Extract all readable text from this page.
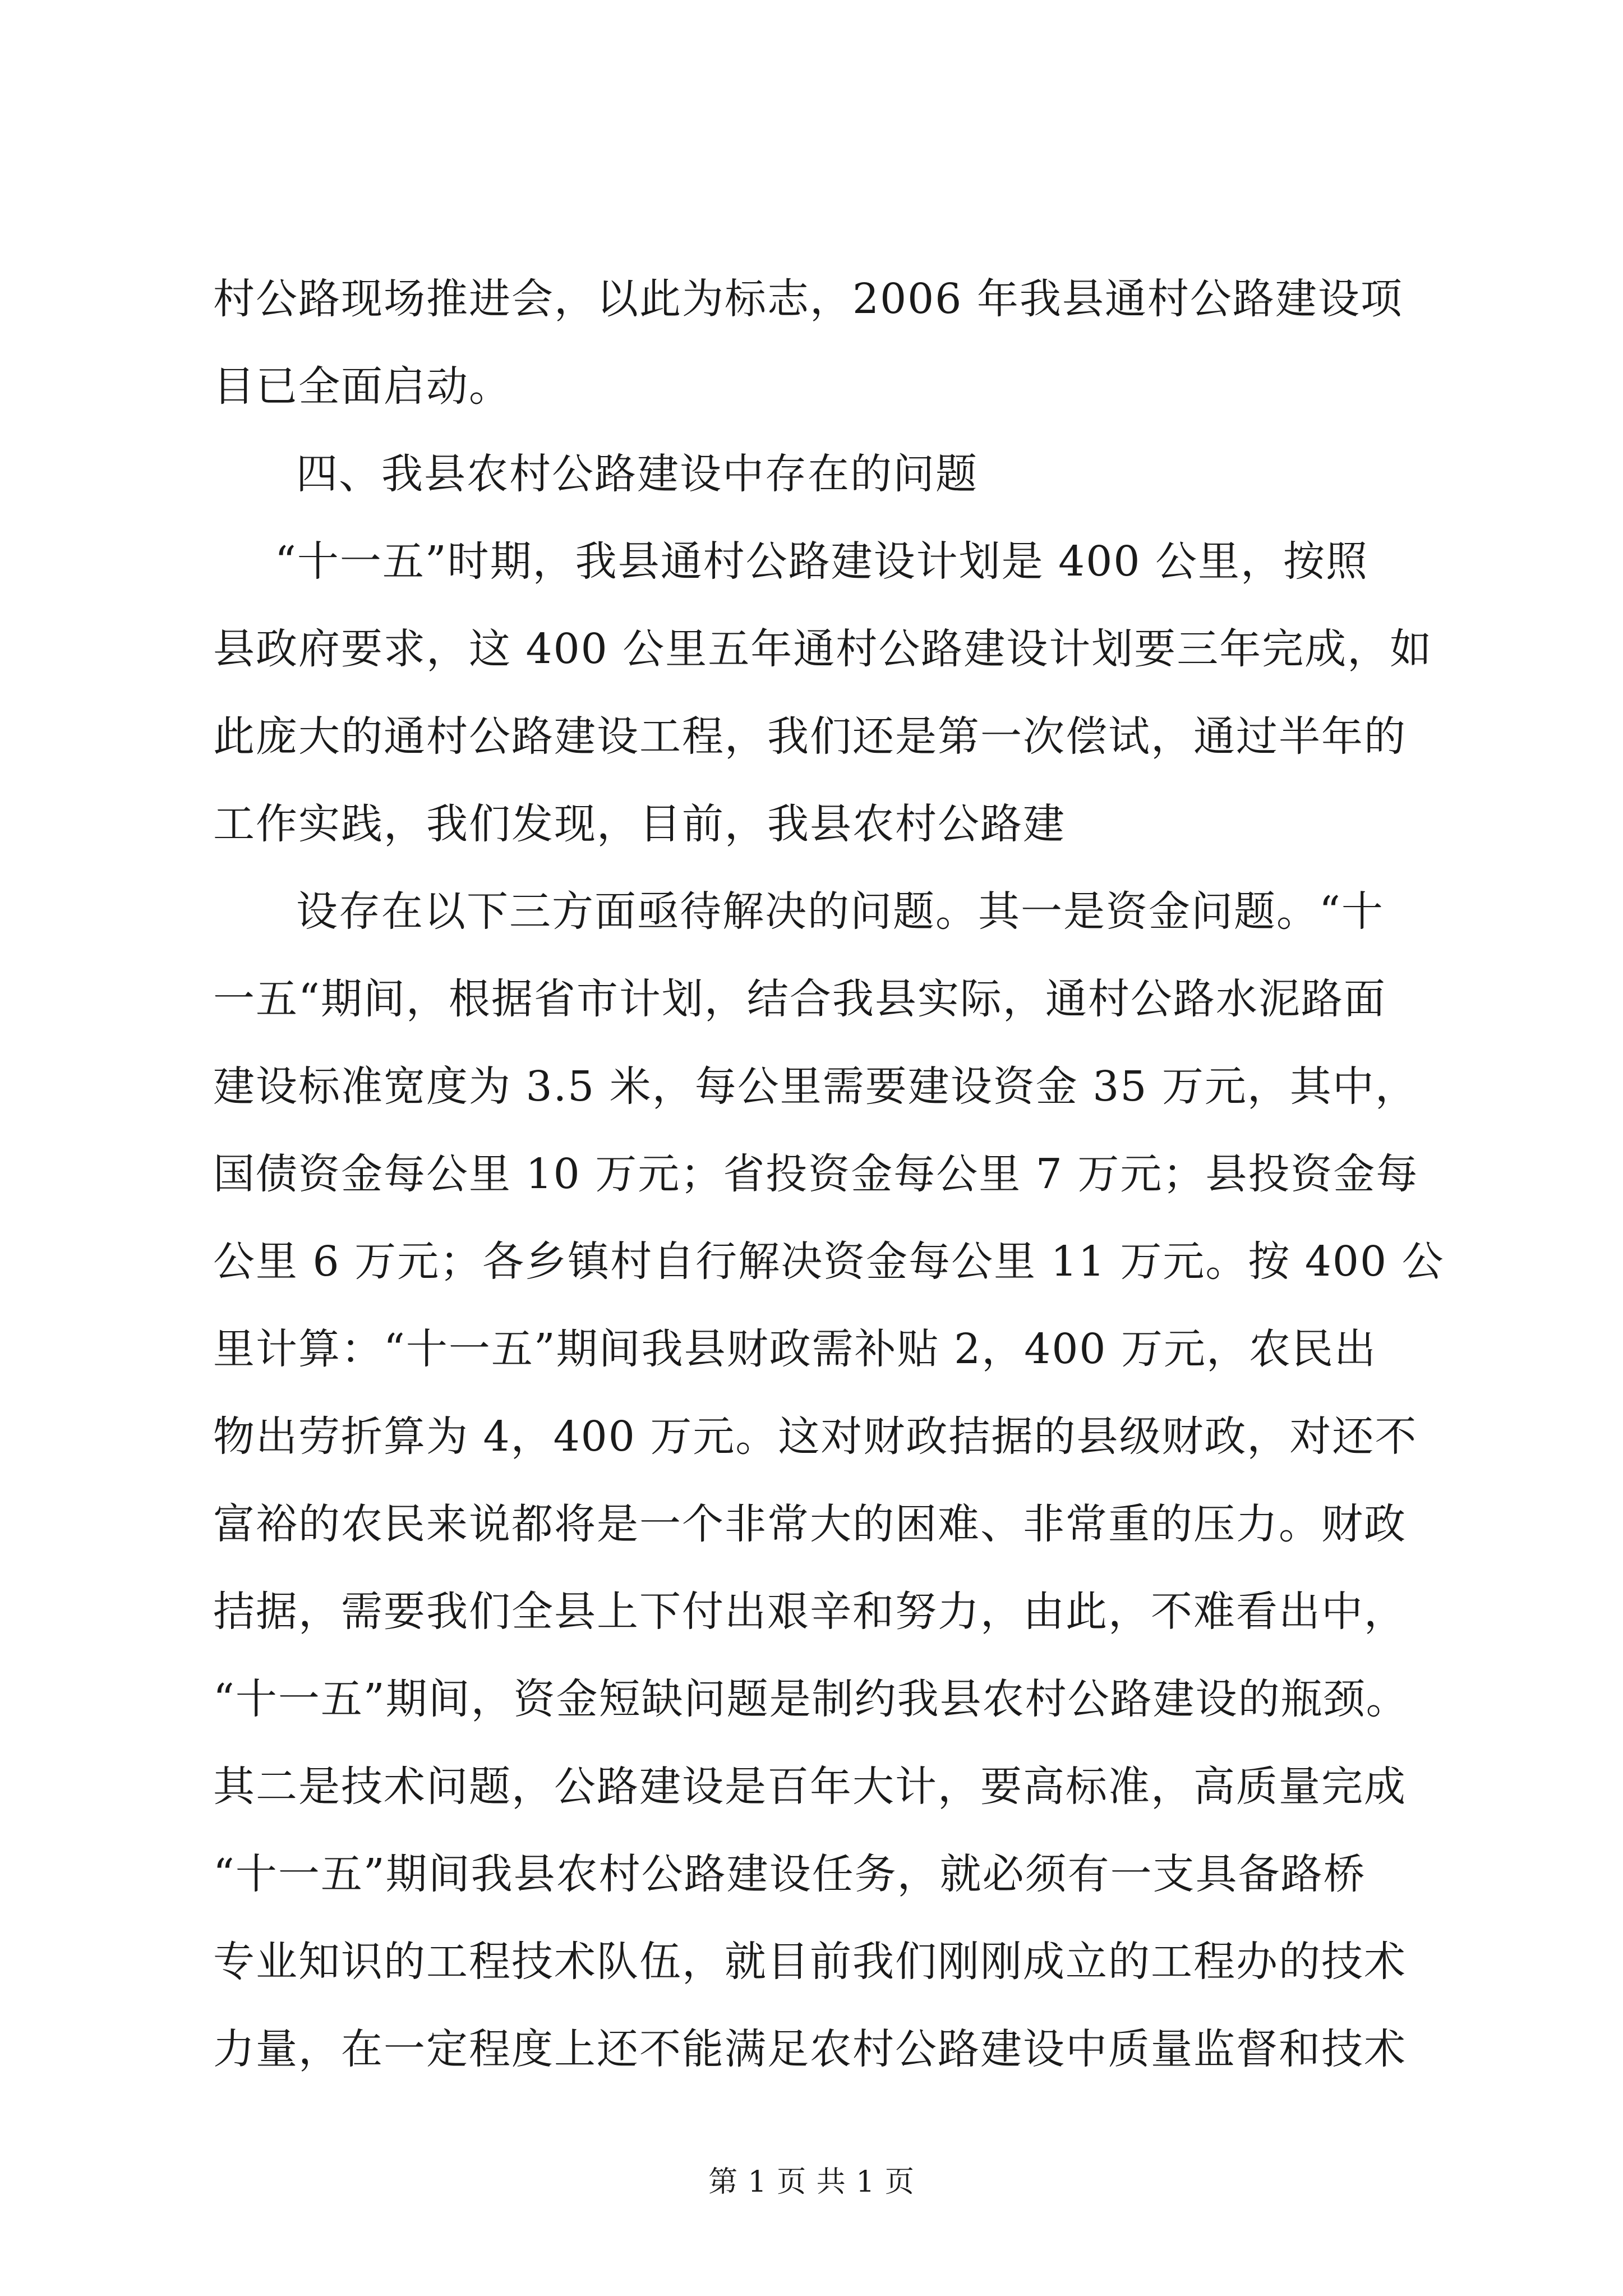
村公路现场推进会，以此为标志，2006 年我县通村公路建设项
目已全面启动。
四、我县农村公路建设中存在的问题
“十一五”时期，我县通村公路建设计划是 400 公里，按照
县政府要求，这 400 公里五年通村公路建设计划要三年完成，如
此庞大的通村公路建设工程，我们还是第一次偿试，通过半年的
工作实践，我们发现，目前，我县农村公路建
设存在以下三方面亟待解决的问题。其一是资金问题。“十
一五“期间，根据省市计划，结合我县实际，通村公路水泥路面
建设标准宽度为 3.5 米，每公里需要建设资金 35 万元，其中，
国债资金每公里 10 万元；省投资金每公里 7 万元；县投资金每
公里 6 万元；各乡镇村自行解决资金每公里 11 万元。按 400 公
里计算：“十一五”期间我县财政需补贴 2，400 万元，农民出
物出劳折算为 4，400 万元。这对财政拮据的县级财政，对还不
富裕的农民来说都将是一个非常大的困难、非常重的压力。财政
拮据，需要我们全县上下付出艰辛和努力，由此，不难看出中，
“十一五”期间，资金短缺问题是制约我县农村公路建设的瓶颈。
其二是技术问题，公路建设是百年大计，要高标准，高质量完成
“十一五”期间我县农村公路建设任务，就必须有一支具备路桥
专业知识的工程技术队伍，就目前我们刚刚成立的工程办的技术
力量，在一定程度上还不能满足农村公路建设中质量监督和技术
第 1 页 共 1 页
